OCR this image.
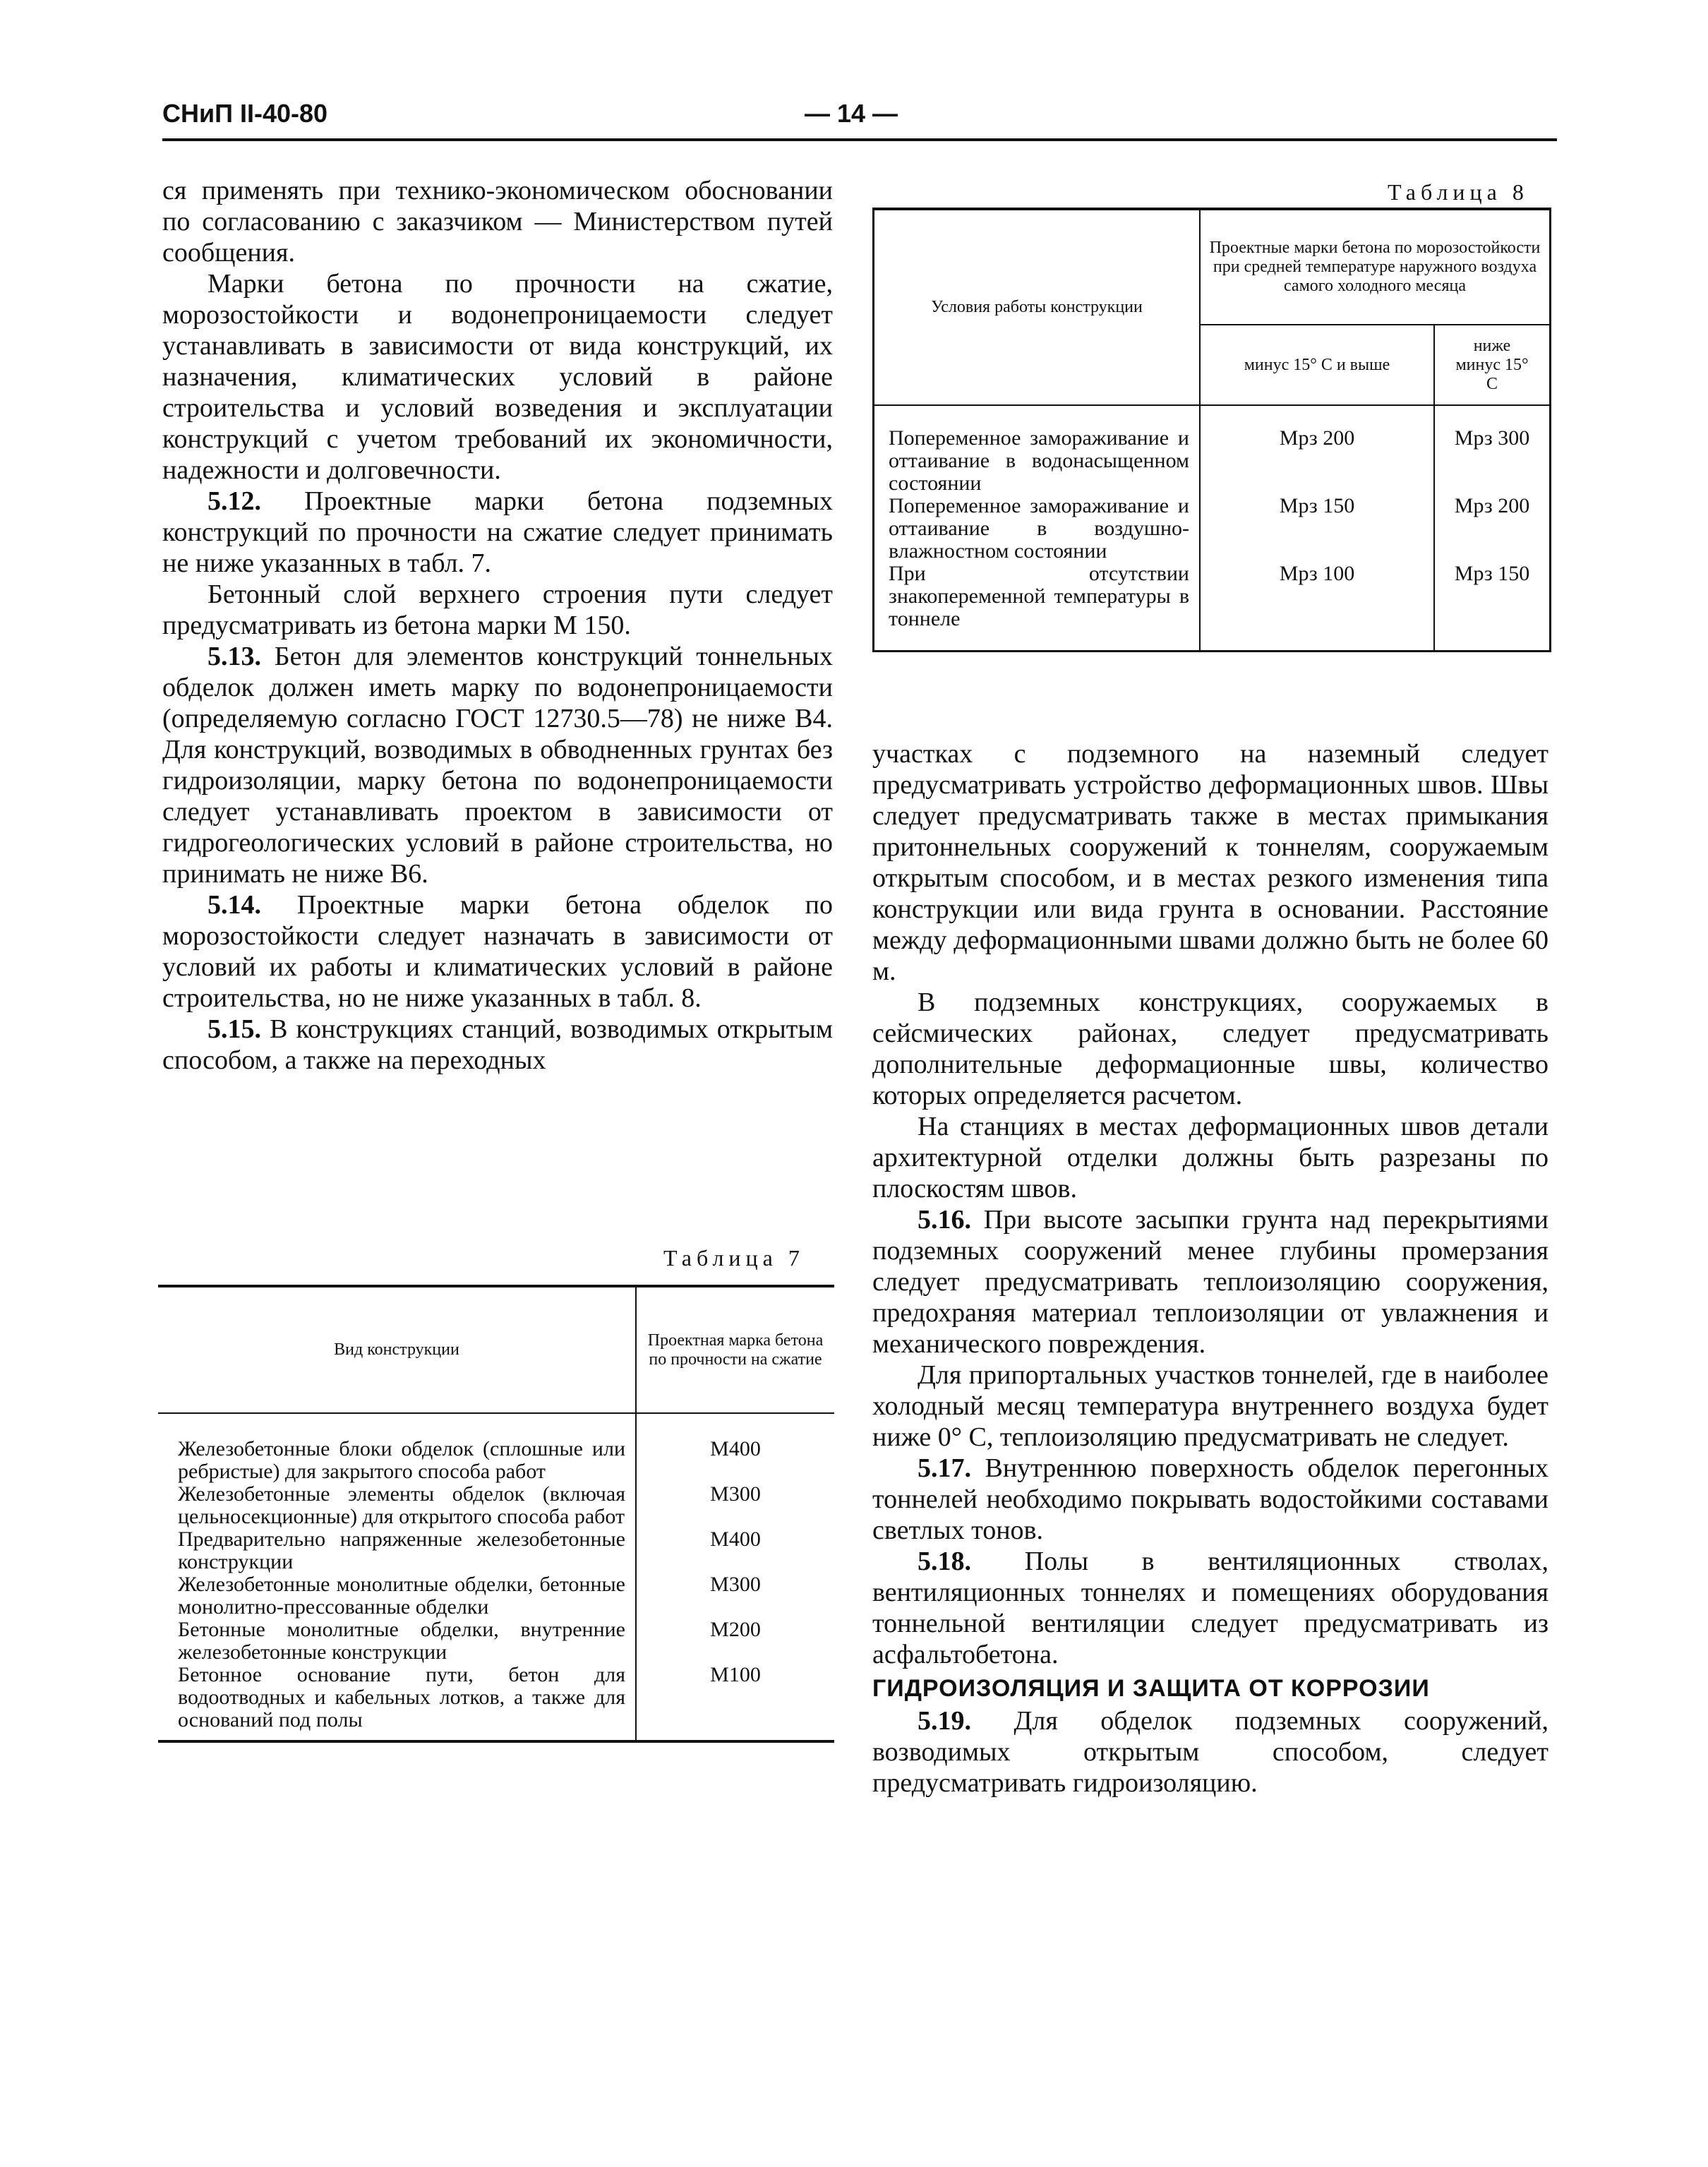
СНиП II-40-80	— 14 —

ся применять при технико-экономическом обосновании по согласованию с заказчиком — Министерством путей сообщения.

Марки бетона по прочности на сжатие, морозостойкости и водонепроницаемости следует устанавливать в зависимости от вида конструкций, их назначения, климатических условий в районе строительства и условий возведения и эксплуатации конструкций с учетом требований их экономичности, надежности и долговечности.

5.12. Проектные марки бетона подземных конструкций по прочности на сжатие следует принимать не ниже указанных в табл. 7.

Бетонный слой верхнего строения пути следует предусматривать из бетона марки М 150.

5.13. Бетон для элементов конструкций тоннельных обделок должен иметь марку по водонепроницаемости (определяемую согласно ГОСТ 12730.5—78) не ниже В4. Для конструкций, возводимых в обводненных грунтах без гидроизоляции, марку бетона по водонепроницаемости следует устанавливать проектом в зависимости от гидрогеологических условий в районе строительства, но принимать не ниже В6.

5.14. Проектные марки бетона обделок по морозостойкости следует назначать в зависимости от условий их работы и климатических условий в районе строительства, но не ниже указанных в табл. 8.

5.15. В конструкциях станций, возводимых открытым способом, а также на переходных

Таблица 7
Вид конструкции	Проектная марка бетона по прочности на сжатие

Железобетонные блоки обделок (сплошные или ребристые) для закрытого способа работ	М400
Железобетонные элементы обделок (включая цельносекционные) для открытого способа работ	М300
Предварительно напряженные железобетонные конструкции	М400
Железобетонные монолитные обделки, бетонные монолитно-прессованные обделки	М300
Бетонные монолитные обделки, внутренние железобетонные конструкции	М200
Бетонное основание пути, бетон для водоотводных и кабельных лотков, а также для оснований под полы	М100
Таблица 8
Условия работы конструкции	Проектные марки бетона по морозостойкости при средней температуре наружного воздуха самого холодного месяца	
	минус 15° С и выше	ниже минус 15° С

Попеременное замораживание и оттаивание в водонасыщенном состоянии	Мрз 200	Мрз 300
Попеременное замораживание и оттаивание в воздушно-влажностном состоянии	Мрз 150	Мрз 200
При отсутствии знакопеременной температуры в тоннеле	Мрз 100	Мрз 150

участках с подземного на наземный следует предусматривать устройство деформационных швов. Швы следует предусматривать также в местах примыкания притоннельных сооружений к тоннелям, сооружаемым открытым способом, и в местах резкого изменения типа конструкции или вида грунта в основании. Расстояние между деформационными швами должно быть не более 60 м.

В подземных конструкциях, сооружаемых в сейсмических районах, следует предусматривать дополнительные деформационные швы, количество которых определяется расчетом.

На станциях в местах деформационных швов детали архитектурной отделки должны быть разрезаны по плоскостям швов.

5.16. При высоте засыпки грунта над перекрытиями подземных сооружений менее глубины промерзания следует предусматривать теплоизоляцию сооружения, предохраняя материал теплоизоляции от увлажнения и механического повреждения.

Для припортальных участков тоннелей, где в наиболее холодный месяц температура внутреннего воздуха будет ниже 0° С, теплоизоляцию предусматривать не следует.

5.17. Внутреннюю поверхность обделок перегонных тоннелей необходимо покрывать водостойкими составами светлых тонов.

5.18. Полы в вентиляционных стволах, вентиляционных тоннелях и помещениях оборудования тоннельной вентиляции следует предусматривать из асфальтобетона.

ГИДРОИЗОЛЯЦИЯ И ЗАЩИТА ОТ КОРРОЗИИ

5.19. Для обделок подземных сооружений, возводимых открытым способом, следует предусматривать гидроизоляцию.
